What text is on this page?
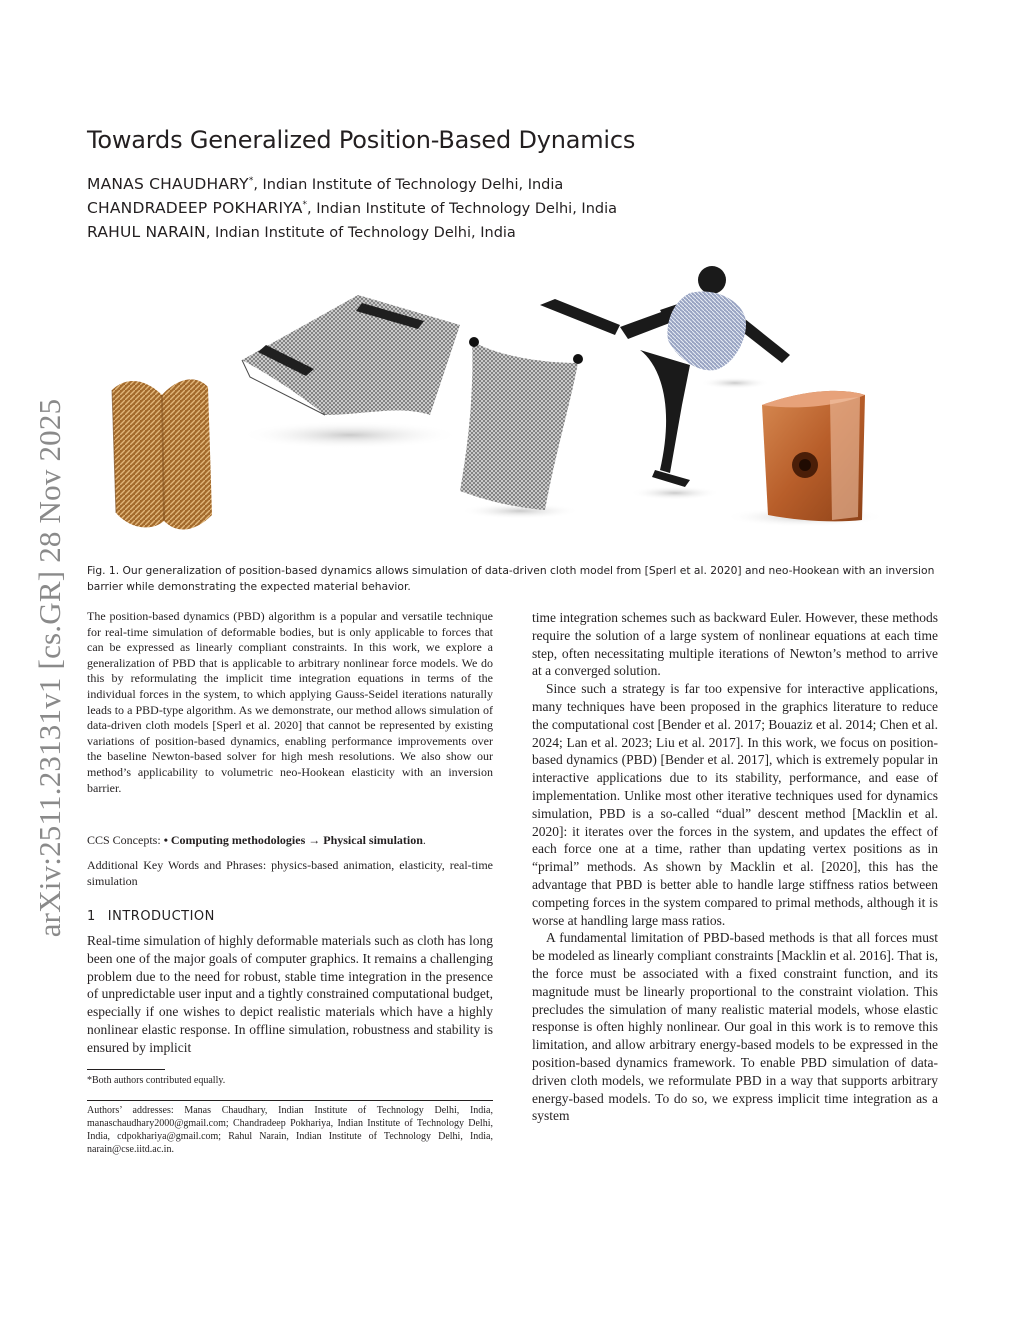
arXiv:2511.23131v1 [cs.GR] 28 Nov 2025
Towards Generalized Position-Based Dynamics
MANAS CHAUDHARY*, Indian Institute of Technology Delhi, India
CHANDRADEEP POKHARIYA*, Indian Institute of Technology Delhi, India
RAHUL NARAIN, Indian Institute of Technology Delhi, India
Fig. 1. Our generalization of position-based dynamics allows simulation of data-driven cloth model from [Sperl et al. 2020] and neo-Hookean with an inversion barrier while demonstrating the expected material behavior.
The position-based dynamics (PBD) algorithm is a popular and versatile technique for real-time simulation of deformable bodies, but is only applicable to forces that can be expressed as linearly compliant constraints. In this work, we explore a generalization of PBD that is applicable to arbitrary nonlinear force models. We do this by reformulating the implicit time integration equations in terms of the individual forces in the system, to which applying Gauss-Seidel iterations naturally leads to a PBD-type algorithm. As we demonstrate, our method allows simulation of data-driven cloth models [Sperl et al. 2020] that cannot be represented by existing variations of position-based dynamics, enabling performance improvements over the baseline Newton-based solver for high mesh resolutions. We also show our method’s applicability to volumetric neo-Hookean elasticity with an inversion barrier.
CCS Concepts: • Computing methodologies → Physical simulation.
Additional Key Words and Phrases: physics-based animation, elasticity, real-time simulation
1 INTRODUCTION
Real-time simulation of highly deformable materials such as cloth has long been one of the major goals of computer graphics. It remains a challenging problem due to the need for robust, stable time integration in the presence of unpredictable user input and a tightly constrained computational budget, especially if one wishes to depict realistic materials which have a highly nonlinear elastic response. In offline simulation, robustness and stability is ensured by implicit
*Both authors contributed equally.
Authors’ addresses: Manas Chaudhary, Indian Institute of Technology Delhi, India, manaschaudhary2000@gmail.com; Chandradeep Pokhariya, Indian Institute of Technology Delhi, India, cdpokhariya@gmail.com; Rahul Narain, Indian Institute of Technology Delhi, India, narain@cse.iitd.ac.in.

time integration schemes such as backward Euler. However, these methods require the solution of a large system of nonlinear equations at each time step, often necessitating multiple iterations of Newton’s method to arrive at a converged solution.

Since such a strategy is far too expensive for interactive applications, many techniques have been proposed in the graphics literature to reduce the computational cost [Bender et al. 2017; Bouaziz et al. 2014; Chen et al. 2024; Lan et al. 2023; Liu et al. 2017]. In this work, we focus on position-based dynamics (PBD) [Bender et al. 2017], which is extremely popular in interactive applications due to its stability, performance, and ease of implementation. Unlike most other iterative techniques used for dynamics simulation, PBD is a so-called “dual” descent method [Macklin et al. 2020]: it iterates over the forces in the system, and updates the effect of each force one at a time, rather than updating vertex positions as in “primal” methods. As shown by Macklin et al. [2020], this has the advantage that PBD is better able to handle large stiffness ratios between competing forces in the system compared to primal methods, although it is worse at handling large mass ratios.

A fundamental limitation of PBD-based methods is that all forces must be modeled as linearly compliant constraints [Macklin et al. 2016]. That is, the force must be associated with a fixed constraint function, and its magnitude must be linearly proportional to the constraint violation. This precludes the simulation of many realistic material models, whose elastic response is often highly nonlinear. Our goal in this work is to remove this limitation, and allow arbitrary energy-based models to be expressed in the position-based dynamics framework. To enable PBD simulation of data-driven cloth models, we reformulate PBD in a way that supports arbitrary energy-based models. To do so, we express implicit time integration as a system
